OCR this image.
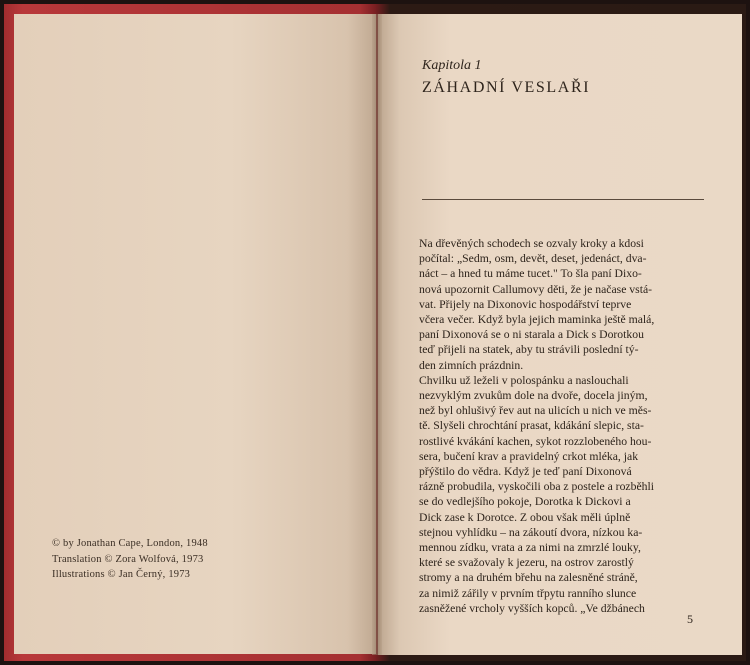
© by Jonathan Cape, London, 1948
Translation © Zora Wolfová, 1973
Illustrations © Jan Černý, 1973
Kapitola 1
ZÁHADNÍ VESLAŘI
Na dřevěných schodech se ozvaly kroky a kdosi
počítal: „Sedm, osm, devět, deset, jedenáct, dva-
náct – a hned tu máme tucet." To šla paní Dixo-
nová upozornit Callumovy děti, že je načase vstá-
vat. Přijely na Dixonovic hospodářství teprve
včera večer. Když byla jejich maminka ještě malá,
paní Dixonová se o ni starala a Dick s Dorotkou
teď přijeli na statek, aby tu strávili poslední tý-
den zimních prázdnin.
Chvilku už leželi v polospánku a naslouchali
nezvyklým zvukům dole na dvoře, docela jiným,
než byl ohlušivý řev aut na ulicích u nich ve měs-
tě. Slyšeli chrochtání prasat, kdákání slepic, sta-
rostlivé kvákání kachen, sykot rozzlobeného hou-
sera, bučení krav a pravidelný crkot mléka, jak
přýštilo do vědra. Když je teď paní Dixonová
rázně probudila, vyskočili oba z postele a rozběhli
se do vedlejšího pokoje, Dorotka k Dickovi a
Dick zase k Dorotce. Z obou však měli úplně
stejnou vyhlídku – na zákoutí dvora, nízkou ka-
mennou zídku, vrata a za nimi na zmrzlé louky,
které se svažovaly k jezeru, na ostrov zarostlý
stromy a na druhém břehu na zalesněné stráně,
za nimiž zářily v prvním třpytu ranního slunce
zasněžené vrcholy vyšších kopců. „Ve džbánech
5
